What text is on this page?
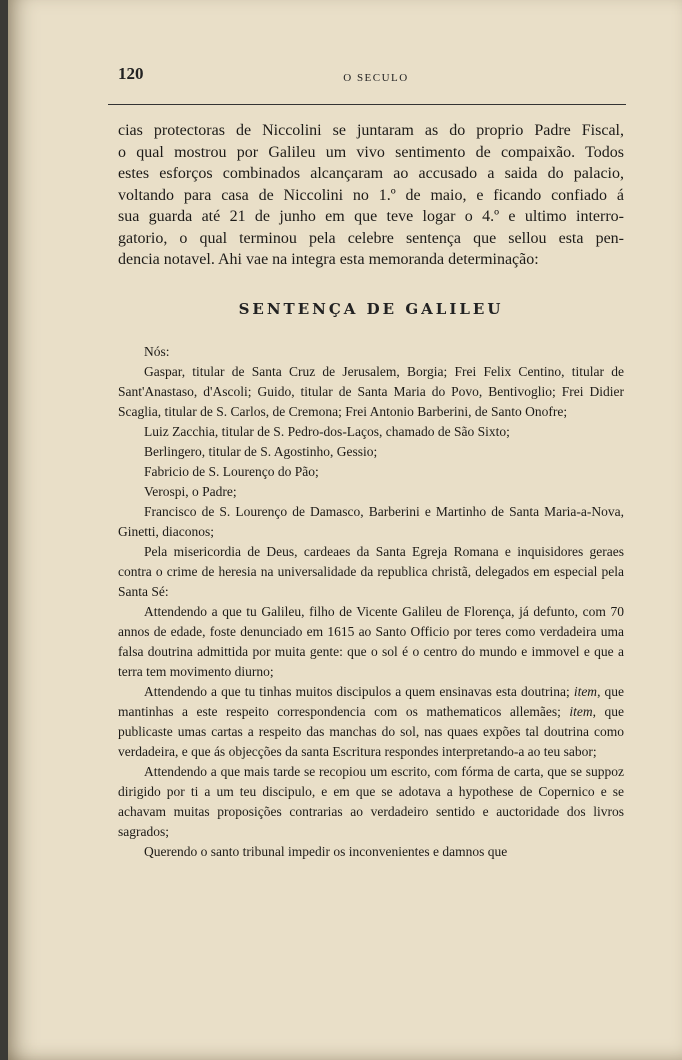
120	O SECULO

cias protectoras de Niccolini se juntaram as do proprio Padre Fiscal,

o qual mostrou por Galileu um vivo sentimento de compaixão. Todos

estes esforços combinados alcançaram ao accusado a saida do palacio,

voltando para casa de Niccolini no 1.º de maio, e ficando confiado á

sua guarda até 21 de junho em que teve logar o 4.º e ultimo interro-

gatorio, o qual terminou pela celebre sentença que sellou esta pen-

dencia notavel. Ahi vae na integra esta memoranda determinação:

SENTENÇA DE GALILEU

Nós:

Gaspar, titular de Santa Cruz de Jerusalem, Borgia; Frei Felix Centino, titular de Sant'Anastaso, d'Ascoli; Guido, titular de Santa Maria do Povo, Bentivoglio; Frei Didier Scaglia, titular de S. Carlos, de Cremona; Frei Antonio Barberini, de Santo Onofre;

Luiz Zacchia, titular de S. Pedro-dos-Laços, chamado de São Sixto;

Berlingero, titular de S. Agostinho, Gessio;

Fabricio de S. Lourenço do Pão;

Verospi, o Padre;

Francisco de S. Lourenço de Damasco, Barberini e Martinho de Santa Maria-a-Nova, Ginetti, diaconos;

Pela misericordia de Deus, cardeaes da Santa Egreja Romana e inquisidores geraes contra o crime de heresia na universalidade da republica christã, delegados em especial pela Santa Sé:

Attendendo a que tu Galileu, filho de Vicente Galileu de Florença, já defunto, com 70 annos de edade, foste denunciado em 1615 ao Santo Officio por teres como verdadeira uma falsa doutrina admittida por muita gente: que o sol é o centro do mundo e immovel e que a terra tem movimento diurno;

Attendendo a que tu tinhas muitos discipulos a quem ensinavas esta doutrina; item, que mantinhas a este respeito correspondencia com os mathematicos allemães; item, que publicaste umas cartas a respeito das manchas do sol, nas quaes expões tal doutrina como verdadeira, e que ás objecções da santa Escritura respondes interpretando-a ao teu sabor;

Attendendo a que mais tarde se recopiou um escrito, com fórma de carta, que se suppoz dirigido por ti a um teu discipulo, e em que se adotava a hypothese de Copernico e se achavam muitas proposições contrarias ao verdadeiro sentido e auctoridade dos livros sagrados;

Querendo o santo tribunal impedir os inconvenientes e damnos que
